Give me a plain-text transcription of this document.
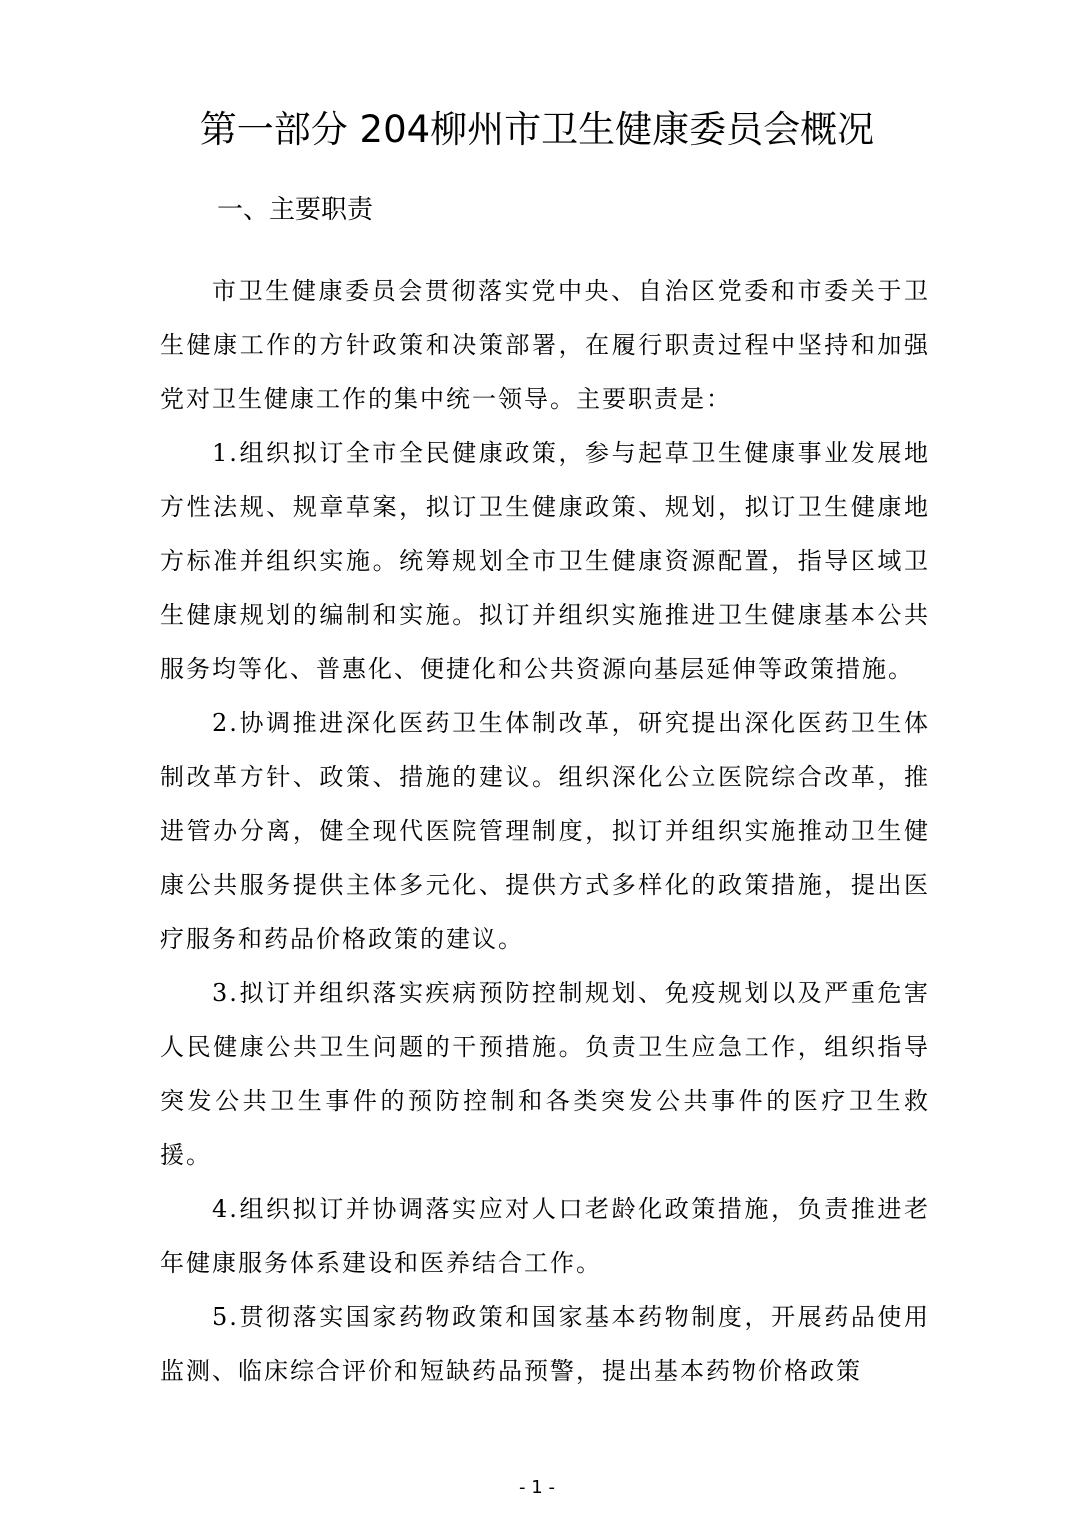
第一部分 204柳州市卫生健康委员会概况
一、主要职责

市卫生健康委员会贯彻落实党中央、自治区党委和市委关于卫生健康工作的方针政策和决策部署，在履行职责过程中坚持和加强党对卫生健康工作的集中统一领导。主要职责是：

1.组织拟订全市全民健康政策，参与起草卫生健康事业发展地方性法规、规章草案，拟订卫生健康政策、规划，拟订卫生健康地方标准并组织实施。统筹规划全市卫生健康资源配置，指导区域卫生健康规划的编制和实施。拟订并组织实施推进卫生健康基本公共服务均等化、普惠化、便捷化和公共资源向基层延伸等政策措施。

2.协调推进深化医药卫生体制改革，研究提出深化医药卫生体制改革方针、政策、措施的建议。组织深化公立医院综合改革，推进管办分离，健全现代医院管理制度，拟订并组织实施推动卫生健康公共服务提供主体多元化、提供方式多样化的政策措施，提出医疗服务和药品价格政策的建议。

3.拟订并组织落实疾病预防控制规划、免疫规划以及严重危害人民健康公共卫生问题的干预措施。负责卫生应急工作，组织指导突发公共卫生事件的预防控制和各类突发公共事件的医疗卫生救援。

4.组织拟订并协调落实应对人口老龄化政策措施，负责推进老年健康服务体系建设和医养结合工作。

5.贯彻落实国家药物政策和国家基本药物制度，开展药品使用监测、临床综合评价和短缺药品预警，提出基本药物价格政策

- 1 -
